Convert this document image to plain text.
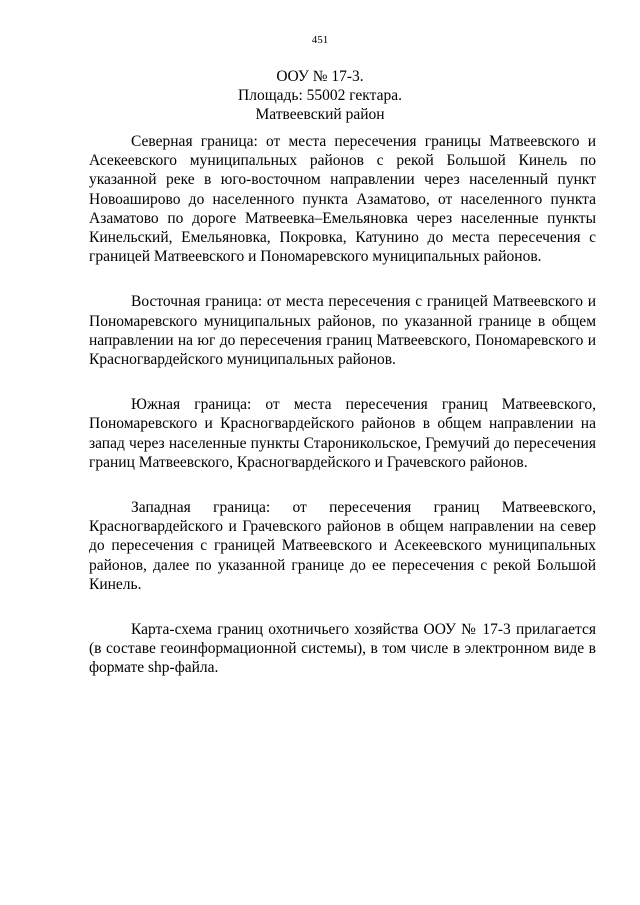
451
ООУ № 17-3.
Площадь: 55002 гектара.
Матвеевский район

Северная граница: от места пересечения границы Матвеевского и Асекеевского муниципальных районов с рекой Большой Кинель по указанной реке в юго-восточном направлении через населенный пункт Новоаширово до населенного пункта Азаматово, от населенного пункта Азаматово по дороге Матвеевка–Емельяновка через населенные пункты Кинельский, Емельяновка, Покровка, Катунино до места пересечения с границей Матвеевского и Пономаревского муниципальных районов.

Восточная граница: от места пересечения с границей Матвеевского и Пономаревского муниципальных районов, по указанной границе в общем направлении на юг до пересечения границ Матвеевского, Пономаревского и Красногвардейского муниципальных районов.

Южная граница: от места пересечения границ Матвеевского, Пономаревского и Красногвардейского районов в общем направлении на запад через населенные пункты Староникольское, Гремучий до пересечения границ Матвеевского, Красногвардейского и Грачевского районов.

Западная граница: от пересечения границ Матвеевского, Красногвардейского и Грачевского районов в общем направлении на север до пересечения с границей Матвеевского и Асекеевского муниципальных районов, далее по указанной границе до ее пересечения с рекой Большой Кинель.

Карта-схема границ охотничьего хозяйства ООУ № 17-3 прилагается (в составе геоинформационной системы), в том числе в электронном виде в формате shp-файла.
